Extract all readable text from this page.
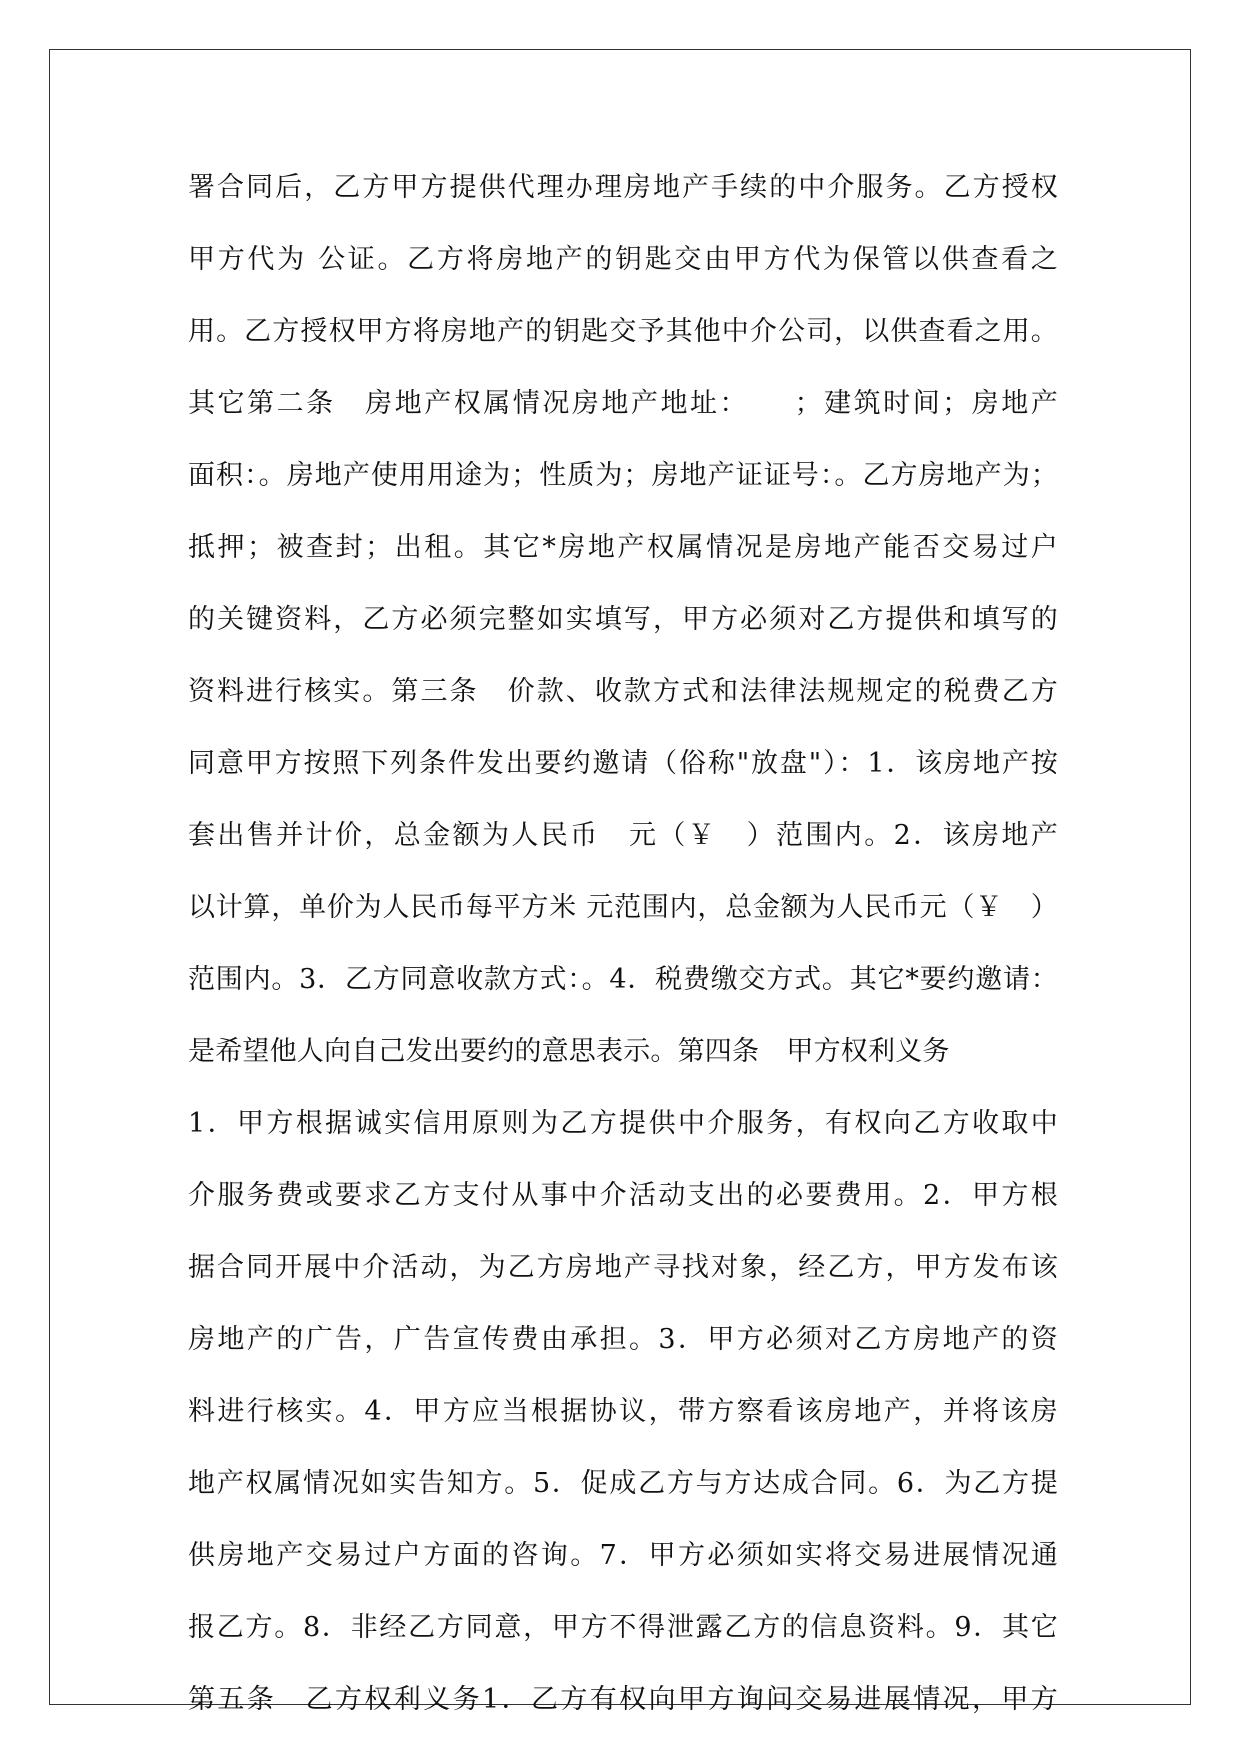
署合同后，乙方甲方提供代理办理房地产手续的中介服务。乙方授权
甲方代为 公证。乙方将房地产的钥匙交由甲方代为保管以供查看之
用。乙方授权甲方将房地产的钥匙交予其他中介公司，以供查看之用。
其它第二条　房地产权属情况房地产地址：　　；建筑时间；房地产
面积：。房地产使用用途为；性质为；房地产证证号：。乙方房地产为；
抵押；被查封；出租。其它*房地产权属情况是房地产能否交易过户
的关键资料，乙方必须完整如实填写，甲方必须对乙方提供和填写的
资料进行核实。第三条　价款、收款方式和法律法规规定的税费乙方
同意甲方按照下列条件发出要约邀请（俗称"放盘"）：1．该房地产按
套出售并计价，总金额为人民币　元（￥　）范围内。2．该房地产
以计算，单价为人民币每平方米 元范围内，总金额为人民币元（￥　）
范围内。3．乙方同意收款方式：。4．税费缴交方式。其它*要约邀请：
是希望他人向自己发出要约的意思表示。第四条　甲方权利义务
1．甲方根据诚实信用原则为乙方提供中介服务，有权向乙方收取中
介服务费或要求乙方支付从事中介活动支出的必要费用。2．甲方根
据合同开展中介活动，为乙方房地产寻找对象，经乙方，甲方发布该
房地产的广告，广告宣传费由承担。3．甲方必须对乙方房地产的资
料进行核实。4．甲方应当根据协议，带方察看该房地产，并将该房
地产权属情况如实告知方。5．促成乙方与方达成合同。6．为乙方提
供房地产交易过户方面的咨询。7．甲方必须如实将交易进展情况通
报乙方。8．非经乙方同意，甲方不得泄露乙方的信息资料。9．其它
第五条　乙方权利义务1．乙方有权向甲方询问交易进展情况，甲方
